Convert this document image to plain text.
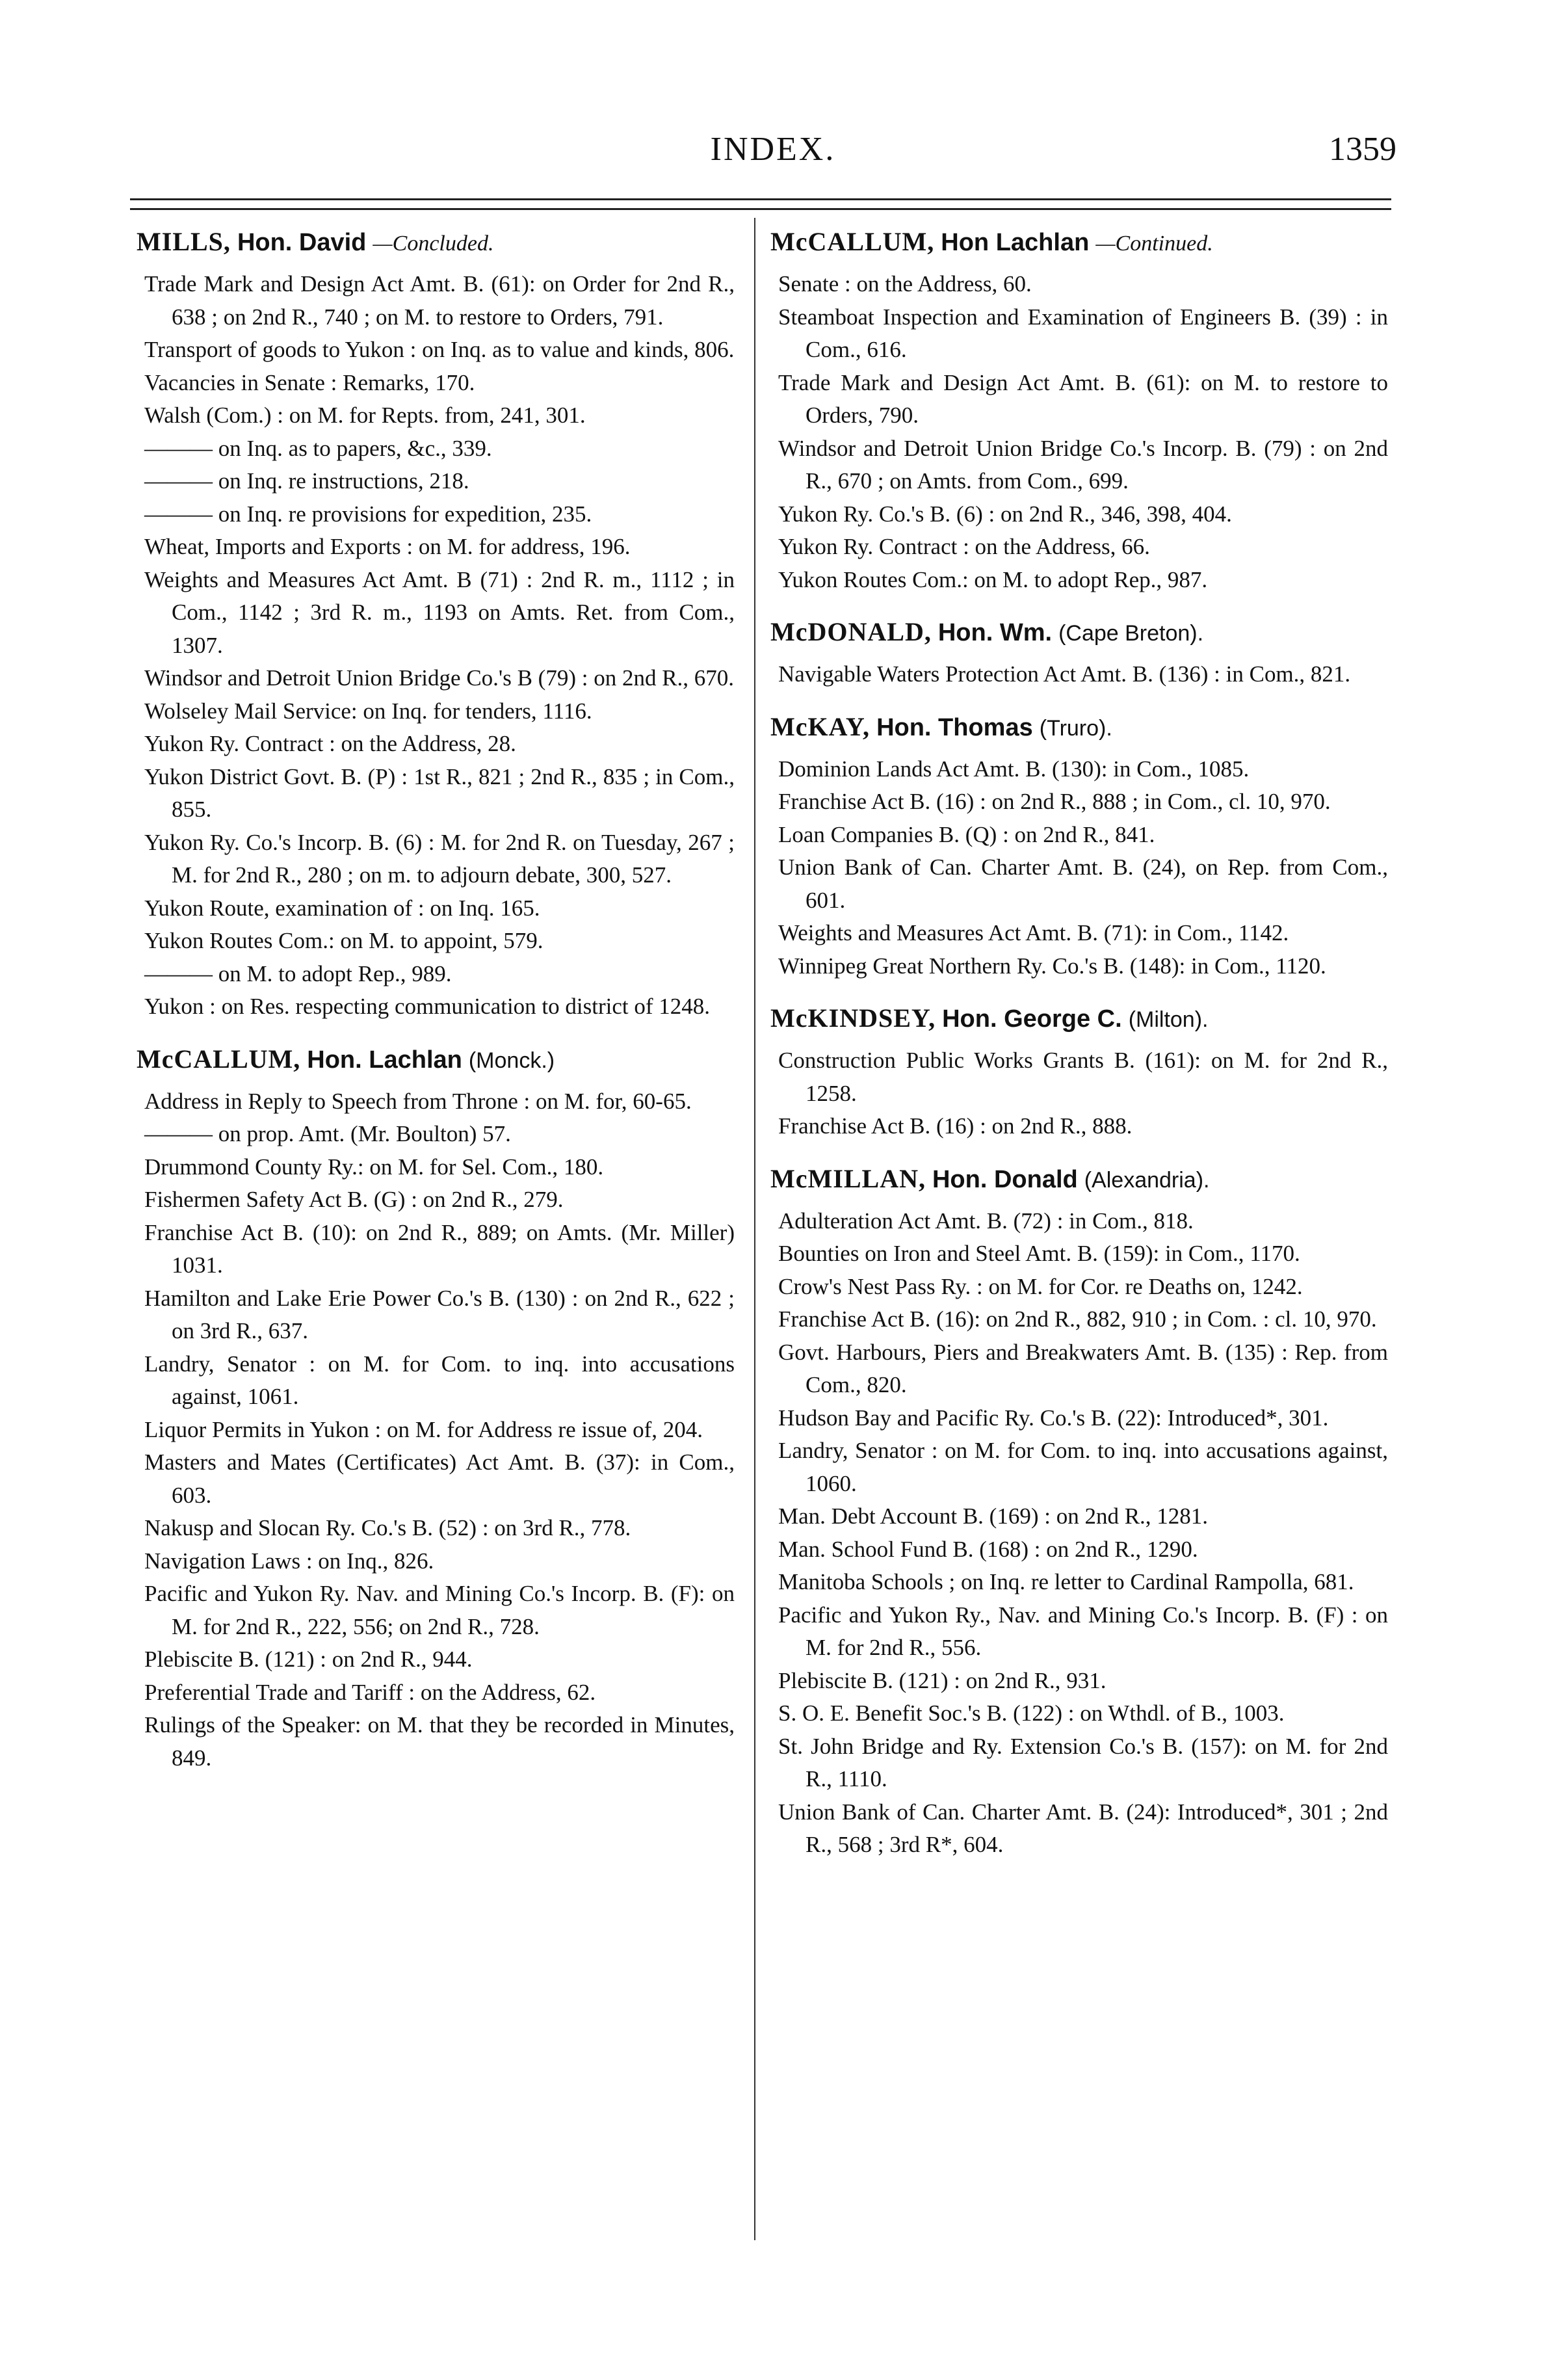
INDEX.	1359
MILLS, Hon. David —Concluded.
Trade Mark and Design Act Amt. B. (61): on Order for 2nd R., 638 ; on 2nd R., 740 ; on M. to restore to Orders, 791.
Transport of goods to Yukon : on Inq. as to value and kinds, 806.
Vacancies in Senate : Remarks, 170.
Walsh (Com.) : on M. for Repts. from, 241, 301.
——— on Inq. as to papers, &c., 339.
——— on Inq. re instructions, 218.
——— on Inq. re provisions for expedition, 235.
Wheat, Imports and Exports : on M. for address, 196.
Weights and Measures Act Amt. B (71) : 2nd R. m., 1112 ; in Com., 1142 ; 3rd R. m., 1193 on Amts. Ret. from Com., 1307.
Windsor and Detroit Union Bridge Co.'s B (79) : on 2nd R., 670.
Wolseley Mail Service: on Inq. for tenders, 1116.
Yukon Ry. Contract : on the Address, 28.
Yukon District Govt. B. (P) : 1st R., 821 ; 2nd R., 835 ; in Com., 855.
Yukon Ry. Co.'s Incorp. B. (6) : M. for 2nd R. on Tuesday, 267 ; M. for 2nd R., 280 ; on m. to adjourn debate, 300, 527.
Yukon Route, examination of : on Inq. 165.
Yukon Routes Com.: on M. to appoint, 579.
——— on M. to adopt Rep., 989.
Yukon : on Res. respecting communication to district of 1248.
McCALLUM, Hon. Lachlan (Monck.)
Address in Reply to Speech from Throne : on M. for, 60-65.
——— on prop. Amt. (Mr. Boulton) 57.
Drummond County Ry.: on M. for Sel. Com., 180.
Fishermen Safety Act B. (G) : on 2nd R., 279.
Franchise Act B. (10): on 2nd R., 889; on Amts. (Mr. Miller) 1031.
Hamilton and Lake Erie Power Co.'s B. (130) : on 2nd R., 622 ; on 3rd R., 637.
Landry, Senator : on M. for Com. to inq. into accusations against, 1061.
Liquor Permits in Yukon : on M. for Address re issue of, 204.
Masters and Mates (Certificates) Act Amt. B. (37): in Com., 603.
Nakusp and Slocan Ry. Co.'s B. (52) : on 3rd R., 778.
Navigation Laws : on Inq., 826.
Pacific and Yukon Ry. Nav. and Mining Co.'s Incorp. B. (F): on M. for 2nd R., 222, 556; on 2nd R., 728.
Plebiscite B. (121) : on 2nd R., 944.
Preferential Trade and Tariff : on the Address, 62.
Rulings of the Speaker: on M. that they be recorded in Minutes, 849.
McCALLUM, Hon Lachlan —Continued.
Senate : on the Address, 60.
Steamboat Inspection and Examination of Engineers B. (39) : in Com., 616.
Trade Mark and Design Act Amt. B. (61): on M. to restore to Orders, 790.
Windsor and Detroit Union Bridge Co.'s Incorp. B. (79) : on 2nd R., 670 ; on Amts. from Com., 699.
Yukon Ry. Co.'s B. (6) : on 2nd R., 346, 398, 404.
Yukon Ry. Contract : on the Address, 66.
Yukon Routes Com.: on M. to adopt Rep., 987.
McDONALD, Hon. Wm. (Cape Breton).
Navigable Waters Protection Act Amt. B. (136) : in Com., 821.
McKAY, Hon. Thomas (Truro).
Dominion Lands Act Amt. B. (130): in Com., 1085.
Franchise Act B. (16) : on 2nd R., 888 ; in Com., cl. 10, 970.
Loan Companies B. (Q) : on 2nd R., 841.
Union Bank of Can. Charter Amt. B. (24), on Rep. from Com., 601.
Weights and Measures Act Amt. B. (71): in Com., 1142.
Winnipeg Great Northern Ry. Co.'s B. (148): in Com., 1120.
McKINDSEY, Hon. George C. (Milton).
Construction Public Works Grants B. (161): on M. for 2nd R., 1258.
Franchise Act B. (16) : on 2nd R., 888.
McMILLAN, Hon. Donald (Alexandria).
Adulteration Act Amt. B. (72) : in Com., 818.
Bounties on Iron and Steel Amt. B. (159): in Com., 1170.
Crow's Nest Pass Ry. : on M. for Cor. re Deaths on, 1242.
Franchise Act B. (16): on 2nd R., 882, 910 ; in Com. : cl. 10, 970.
Govt. Harbours, Piers and Breakwaters Amt. B. (135) : Rep. from Com., 820.
Hudson Bay and Pacific Ry. Co.'s B. (22): Introduced*, 301.
Landry, Senator : on M. for Com. to inq. into accusations against, 1060.
Man. Debt Account B. (169) : on 2nd R., 1281.
Man. School Fund B. (168) : on 2nd R., 1290.
Manitoba Schools ; on Inq. re letter to Cardinal Rampolla, 681.
Pacific and Yukon Ry., Nav. and Mining Co.'s Incorp. B. (F) : on M. for 2nd R., 556.
Plebiscite B. (121) : on 2nd R., 931.
S. O. E. Benefit Soc.'s B. (122) : on Wthdl. of B., 1003.
St. John Bridge and Ry. Extension Co.'s B. (157): on M. for 2nd R., 1110.
Union Bank of Can. Charter Amt. B. (24): Introduced*, 301 ; 2nd R., 568 ; 3rd R*, 604.
